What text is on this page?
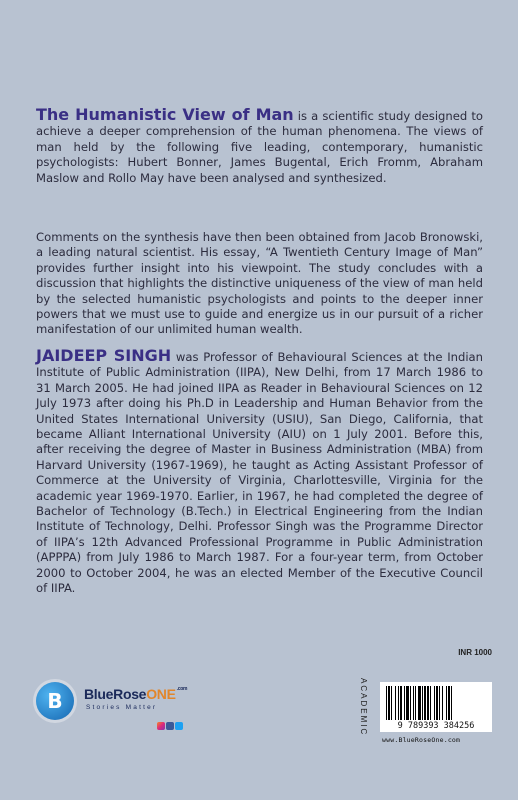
The Humanistic View of Man is a scientific study designed to achieve a deeper comprehension of the human phenomena. The views of man held by the following five leading, contemporary, humanistic psychologists: Hubert Bonner, James Bugental, Erich Fromm, Abraham Maslow and Rollo May have been analysed and synthesized.
Comments on the synthesis have then been obtained from Jacob Bronowski, a leading natural scientist. His essay, “A Twentieth Century Image of Man” provides further insight into his viewpoint. The study concludes with a discussion that highlights the distinctive uniqueness of the view of man held by the selected humanistic psychologists and points to the deeper inner powers that we must use to guide and energize us in our pursuit of a richer manifestation of our unlimited human wealth.
JAIDEEP SINGH was Professor of Behavioural Sciences at the Indian Institute of Public Administration (IIPA), New Delhi, from 17 March 1986 to 31 March 2005. He had joined IIPA as Reader in Behavioural Sciences on 12 July 1973 after doing his Ph.D in Leadership and Human Behavior from the United States International University (USIU), San Diego, California, that became Alliant International University (AIU) on 1 July 2001. Before this, after receiving the degree of Master in Business Administration (MBA) from Harvard University (1967-1969), he taught as Acting Assistant Professor of Commerce at the University of Virginia, Charlottesville, Virginia for the academic year 1969-1970. Earlier, in 1967, he had completed the degree of Bachelor of Technology (B.Tech.) in Electrical Engineering from the Indian Institute of Technology, Delhi. Professor Singh was the Programme Director of IIPA’s 12th Advanced Professional Programme in Public Administration (APPPA) from July 1986 to March 1987. For a four-year term, from October 2000 to October 2004, he was an elected Member of the Executive Council of IIPA.
B	BlueRoseONE$^{.com}$
Stories Matter
INR 1000
ACADEMIC	9 789393 384256
www.BlueRoseOne.com
